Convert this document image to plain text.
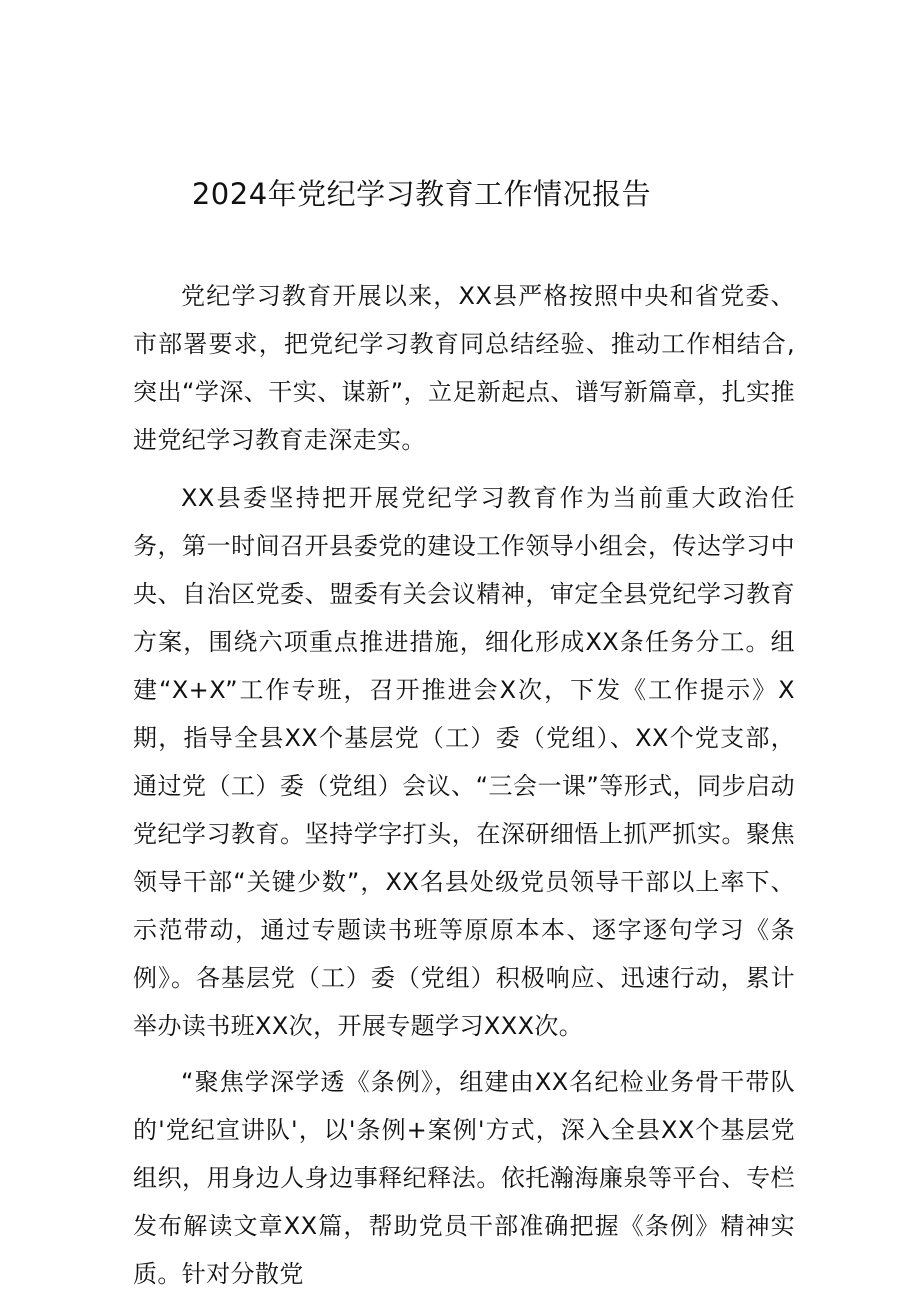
2024年党纪学习教育工作情况报告

党纪学习教育开展以来，XX县严格按照中央和省党委、市部署要求，把党纪学习教育同总结经验、推动工作相结合,突出“学深、干实、谋新”，立足新起点、谱写新篇章，扎实推进党纪学习教育走深走实。

XX县委坚持把开展党纪学习教育作为当前重大政治任务，第一时间召开县委党的建设工作领导小组会，传达学习中央、自治区党委、盟委有关会议精神，审定全县党纪学习教育方案，围绕六项重点推进措施，细化形成XX条任务分工。组建“X+X”工作专班，召开推进会X次，下发《工作提示》X期，指导全县XX个基层党（工）委（党组）、XX个党支部，通过党（工）委（党组）会议、“三会一课”等形式，同步启动党纪学习教育。坚持学字打头，在深研细悟上抓严抓实。聚焦领导干部“关键少数”，XX名县处级党员领导干部以上率下、示范带动，通过专题读书班等原原本本、逐字逐句学习《条例》。各基层党（工）委（党组）积极响应、迅速行动，累计举办读书班XX次，开展专题学习XXX次。

“聚焦学深学透《条例》，组建由XX名纪检业务骨干带队的'党纪宣讲队'，以'条例+案例'方式，深入全县XX个基层党组织，用身边人身边事释纪释法。依托瀚海廉泉等平台、专栏发布解读文章XX篇，帮助党员干部准确把握《条例》精神实质。针对分散党
